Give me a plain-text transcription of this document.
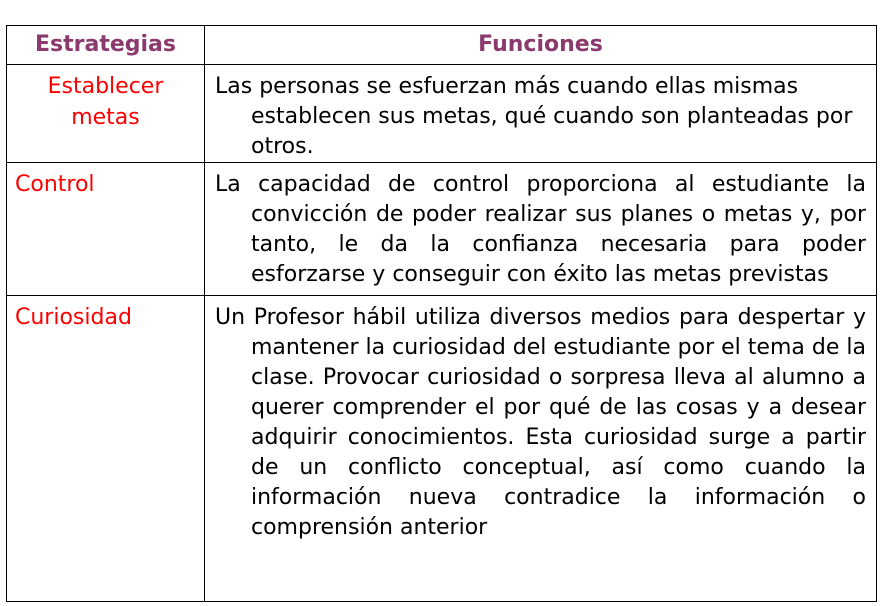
Estrategias	Funciones
Establecer metas	Las personas se esfuerzan más cuando ellas mismas establecen sus metas, qué cuando son planteadas por otros.
Control	La capacidad de control proporciona al estudiante la convicción de poder realizar sus planes o metas y, por tanto, le da la confianza necesaria para poder esforzarse y conseguir con éxito las metas previstas
Curiosidad	Un Profesor hábil utiliza diversos medios para despertar y mantener la curiosidad del estudiante por el tema de la clase. Provocar curiosidad o sorpresa lleva al alumno a querer comprender el por qué de las cosas y a desear adquirir conocimientos. Esta curiosidad surge a partir de un conflicto conceptual, así como cuando la información nueva contradice la información o comprensión anterior
